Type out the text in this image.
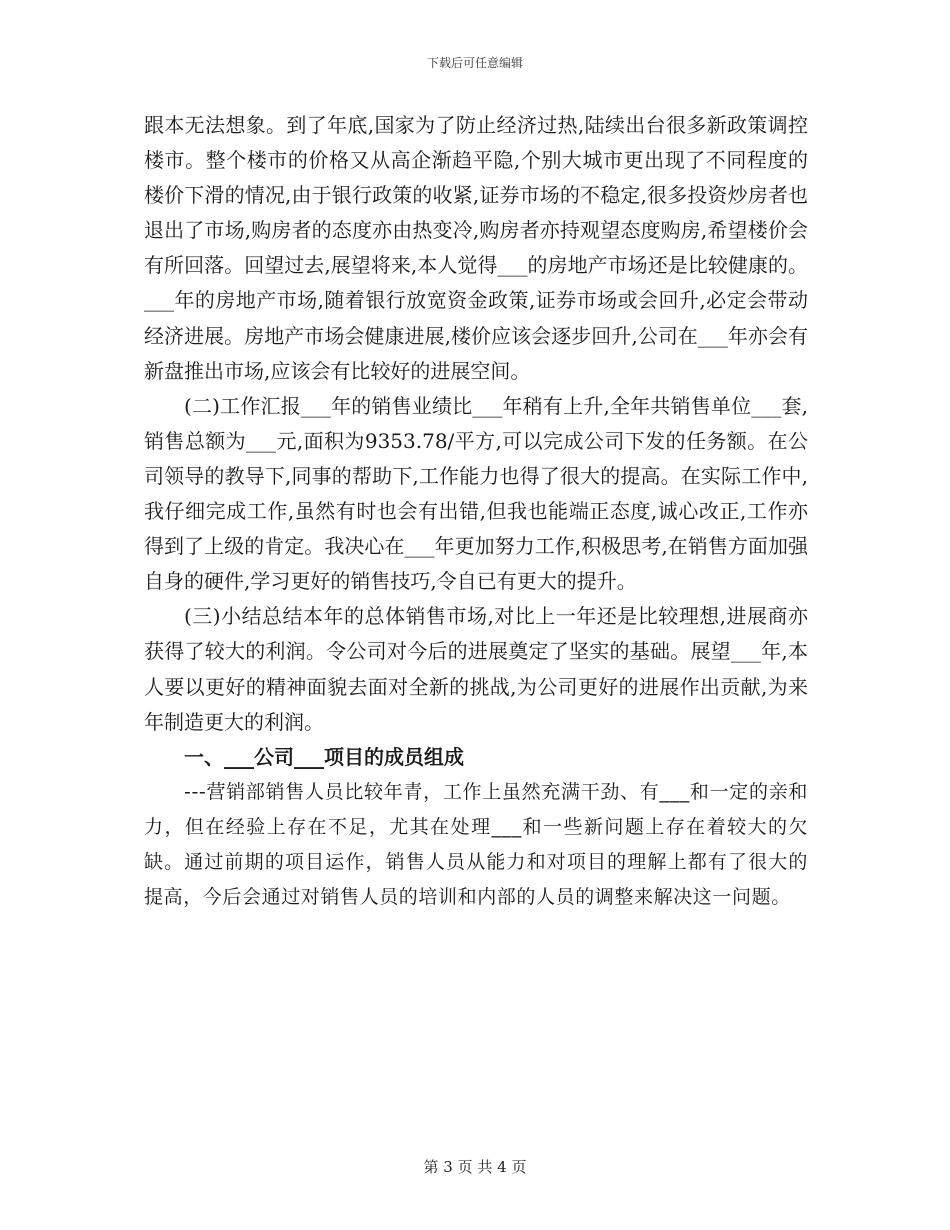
下载后可任意编辑

跟本无法想象。到了年底,国家为了防止经济过热,陆续出台很多新政策调控楼市。整个楼市的价格又从高企渐趋平隐,个别大城市更出现了不同程度的楼价下滑的情况,由于银行政策的收紧,证券市场的不稳定,很多投资炒房者也退出了市场,购房者的态度亦由热变冷,购房者亦持观望态度购房,希望楼价会有所回落。回望过去,展望将来,本人觉得___的房地产市场还是比较健康的。___年的房地产市场,随着银行放宽资金政策,证券市场或会回升,必定会带动经济进展。房地产市场会健康进展,楼价应该会逐步回升,公司在___年亦会有新盘推出市场,应该会有比较好的进展空间。

(二)工作汇报___年的销售业绩比___年稍有上升,全年共销售单位___套,销售总额为___元,面积为9353.78/平方,可以完成公司下发的任务额。在公司领导的教导下,同事的帮助下,工作能力也得了很大的提高。在实际工作中,我仔细完成工作,虽然有时也会有出错,但我也能端正态度,诚心改正,工作亦得到了上级的肯定。我决心在___年更加努力工作,积极思考,在销售方面加强自身的硬件,学习更好的销售技巧,令自已有更大的提升。

(三)小结总结本年的总体销售市场,对比上一年还是比较理想,进展商亦获得了较大的利润。令公司对今后的进展奠定了坚实的基础。展望___年,本人要以更好的精神面貌去面对全新的挑战,为公司更好的进展作出贡献,为来年制造更大的利润。

一、___公司___项目的成员组成

---营销部销售人员比较年青，工作上虽然充满干劲、有___和一定的亲和力，但在经验上存在不足，尤其在处理___和一些新问题上存在着较大的欠缺。通过前期的项目运作，销售人员从能力和对项目的理解上都有了很大的提高，今后会通过对销售人员的培训和内部的人员的调整来解决这一问题。

第 3 页 共 4 页
